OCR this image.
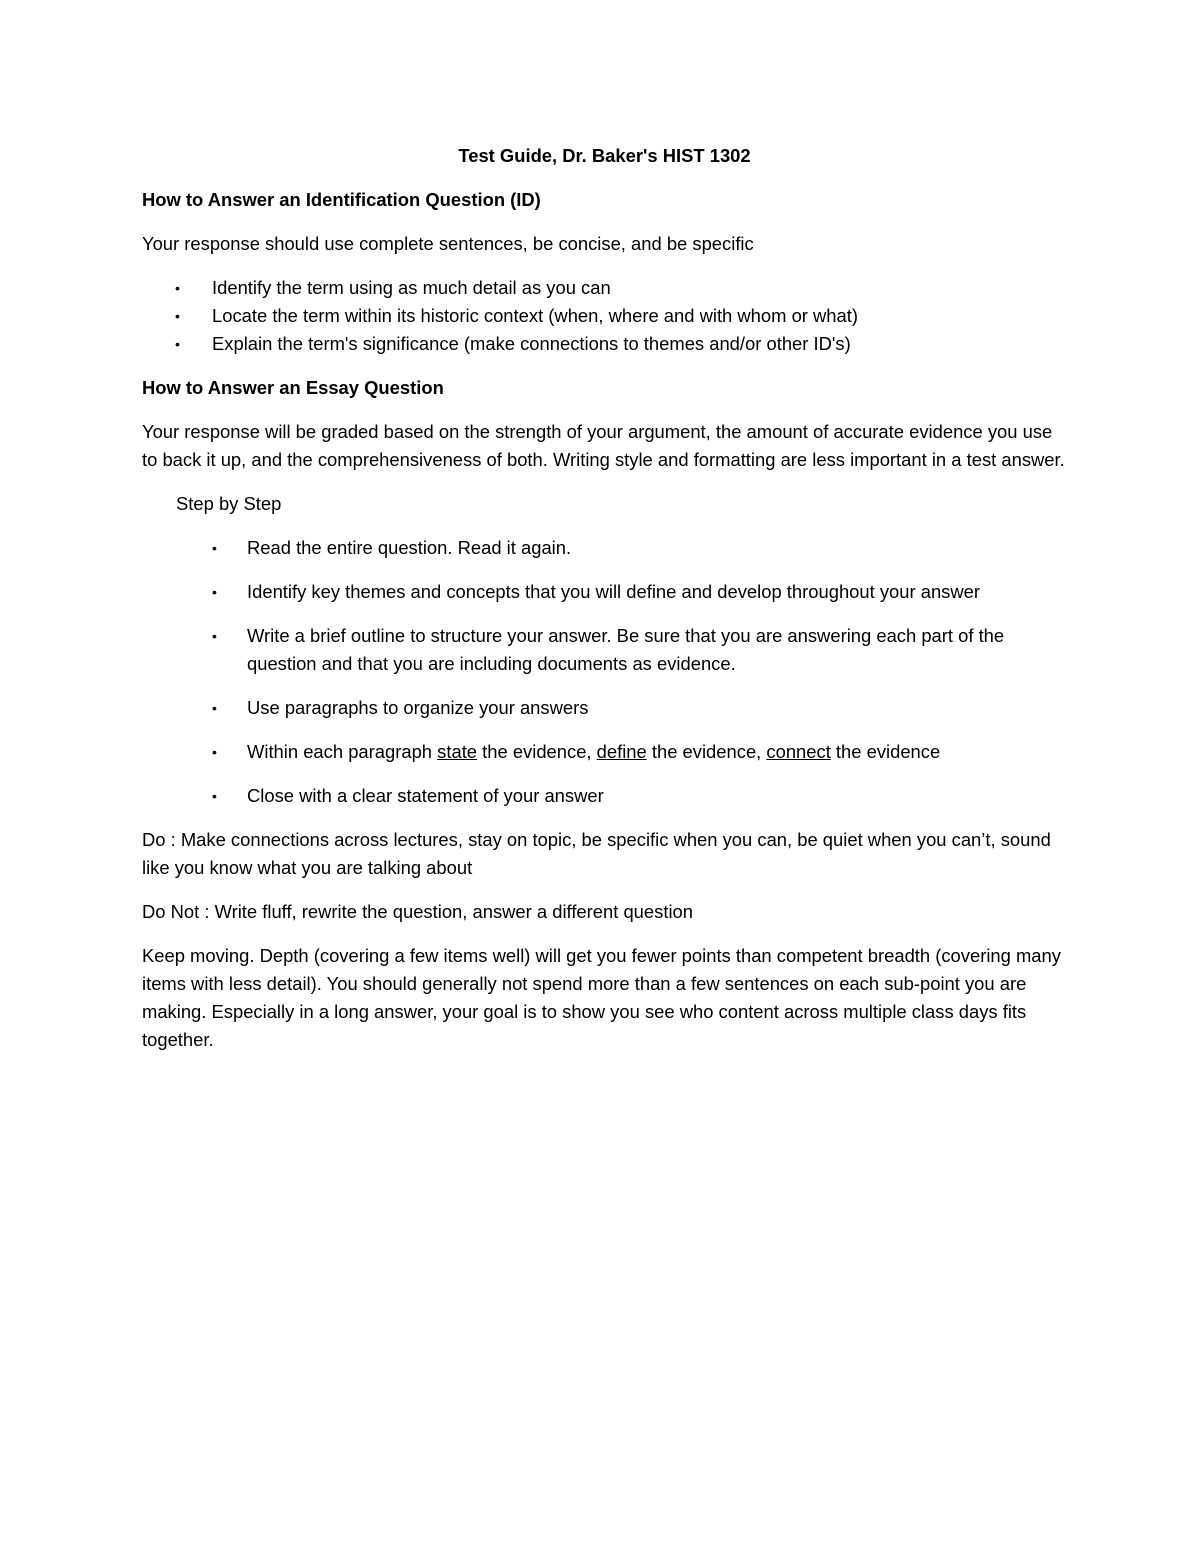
Test Guide, Dr. Baker's HIST 1302

How to Answer an Identification Question (ID)

Your response should use complete sentences, be concise, and be specific

• Identify the term using as much detail as you can
• Locate the term within its historic context (when, where and with whom or what)
• Explain the term's significance (make connections to themes and/or other ID's)

How to Answer an Essay Question

Your response will be graded based on the strength of your argument, the amount of accurate evidence you use to back it up, and the comprehensiveness of both. Writing style and formatting are less important in a test answer.

Step by Step

• Read the entire question. Read it again.
• Identify key themes and concepts that you will define and develop throughout your answer
• Write a brief outline to structure your answer. Be sure that you are answering each part of the question and that you are including documents as evidence.
• Use paragraphs to organize your answers
• Within each paragraph state the evidence, define the evidence, connect the evidence
• Close with a clear statement of your answer

Do : Make connections across lectures, stay on topic, be specific when you can, be quiet when you can’t, sound like you know what you are talking about

Do Not : Write fluff, rewrite the question, answer a different question

Keep moving. Depth (covering a few items well) will get you fewer points than competent breadth (covering many items with less detail). You should generally not spend more than a few sentences on each sub-point you are making. Especially in a long answer, your goal is to show you see who content across multiple class days fits together.
